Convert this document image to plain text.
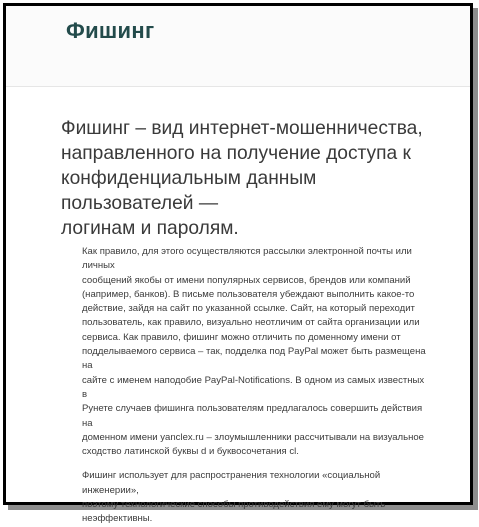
Фишинг

Фишинг – вид интернет-мошенничества,

направленного на получение доступа к

конфиденциальным данным пользователей —

логинам и паролям.

Как правило, для этого осуществляются рассылки электронной почты или личных
сообщений якобы от имени популярных сервисов, брендов или компаний
(например, банков). В письме пользователя убеждают выполнить какое-то
действие, зайдя на сайт по указанной ссылке. Сайт, на который переходит
пользователь, как правило, визуально неотличим от сайта организации или
сервиса. Как правило, фишинг можно отличить по доменному имени от
подделываемого сервиса – так, подделка под PayPal может быть размещена на
сайте с именем наподобие PayPal-Notifications. В одном из самых известных в
Рунете случаев фишинга пользователям предлагалось совершить действия на
доменном имени yanclex.ru – злоумышленники рассчитывали на визуальное
сходство латинской буквы d и буквосочетания cl.

Фишинг использует для распространения технологии «социальной инженерии»,
поэтому технологические способы противодействия ему могут быть
неэффективны.
